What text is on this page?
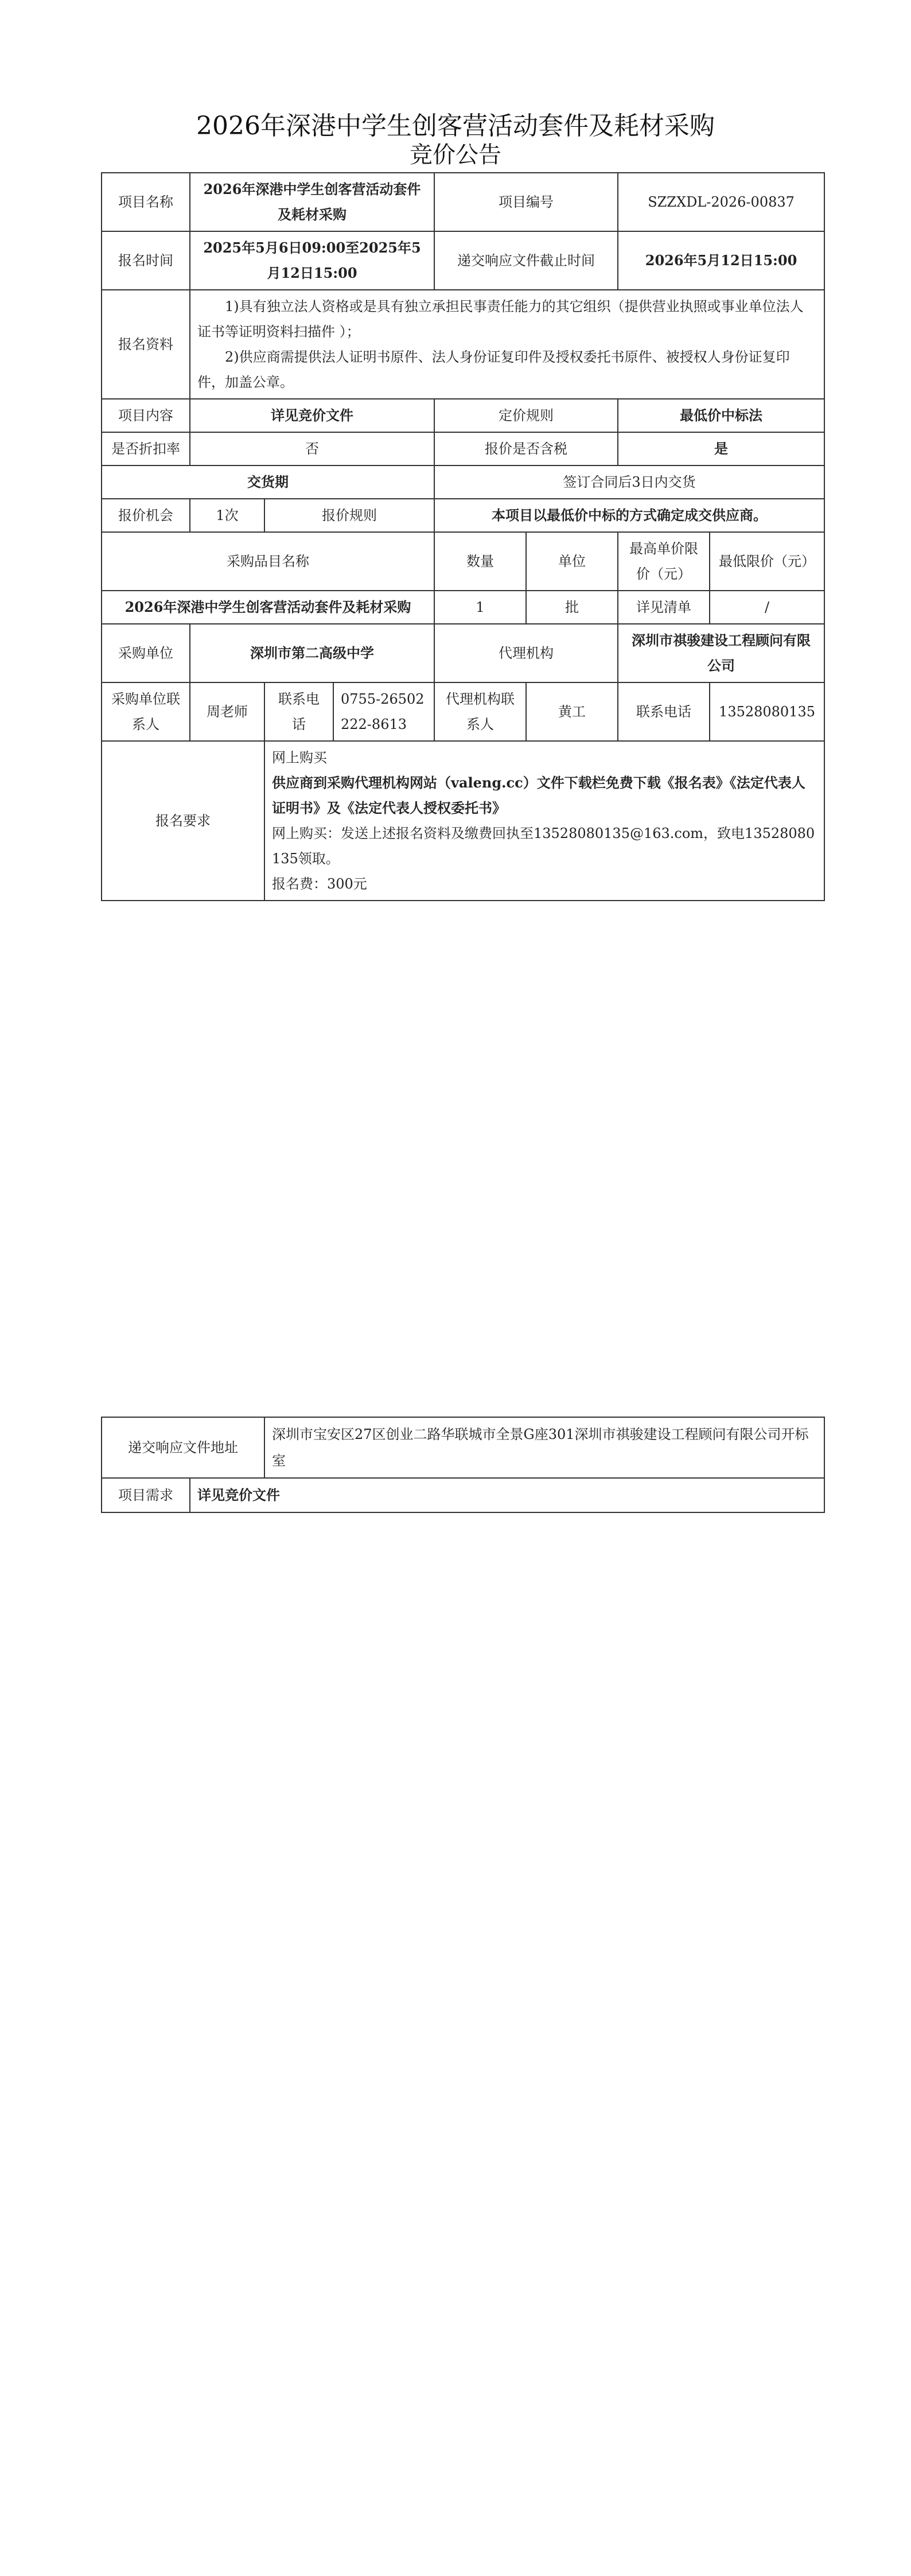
2026年深港中学生创客营活动套件及耗材采购
竞价公告
项目名称	2026年深港中学生创客营活动套件及耗材采购			项目编号		SZZXDL-2026-00837	
报名时间	2025年5月6日09:00至2025年5月12日15:00			递交响应文件截止时间		2026年5月12日15:00	
报名资料	1)具有独立法人资格或是具有独立承担民事责任能力的其它组织（提供营业执照或事业单位法人证书等证明资料扫描件 ）；

2)供应商需提供法人证明书原件、法人身份证复印件及授权委托书原件、被授权人身份证复印件，加盖公章。						

项目内容	详见竞价文件			定价规则		最低价中标法	
是否折扣率	否			报价是否含税		是	
交货期				签订合同后3日内交货			
报价机会	1次	报价规则		本项目以最低价中标的方式确定成交供应商。			
采购品目名称				数量	单位	最高单价限价（元）	最低限价（元）
2026年深港中学生创客营活动套件及耗材采购				1	批	详见清单	/
采购单位	深圳市第二高级中学			代理机构		深圳市祺骏建设工程顾问有限公司	
采购单位联系人	周老师	联系电话	0755-26502222-8613	代理机构联系人	黄工	联系电话	13528080135
报名要求		网上购买

供应商到采购代理机构网站（valeng.cc）文件下载栏免费下载《报名表》《法定代表人证明书》及《法定代表人授权委托书》

网上购买：发送上述报名资料及缴费回执至13528080135@163.com，致电13528080135领取。

报名费：300元					

递交响应文件地址		深圳市宝安区27区创业二路华联城市全景G座301深圳市祺骏建设工程顾问有限公司开标室
项目需求	详见竞价文件	
